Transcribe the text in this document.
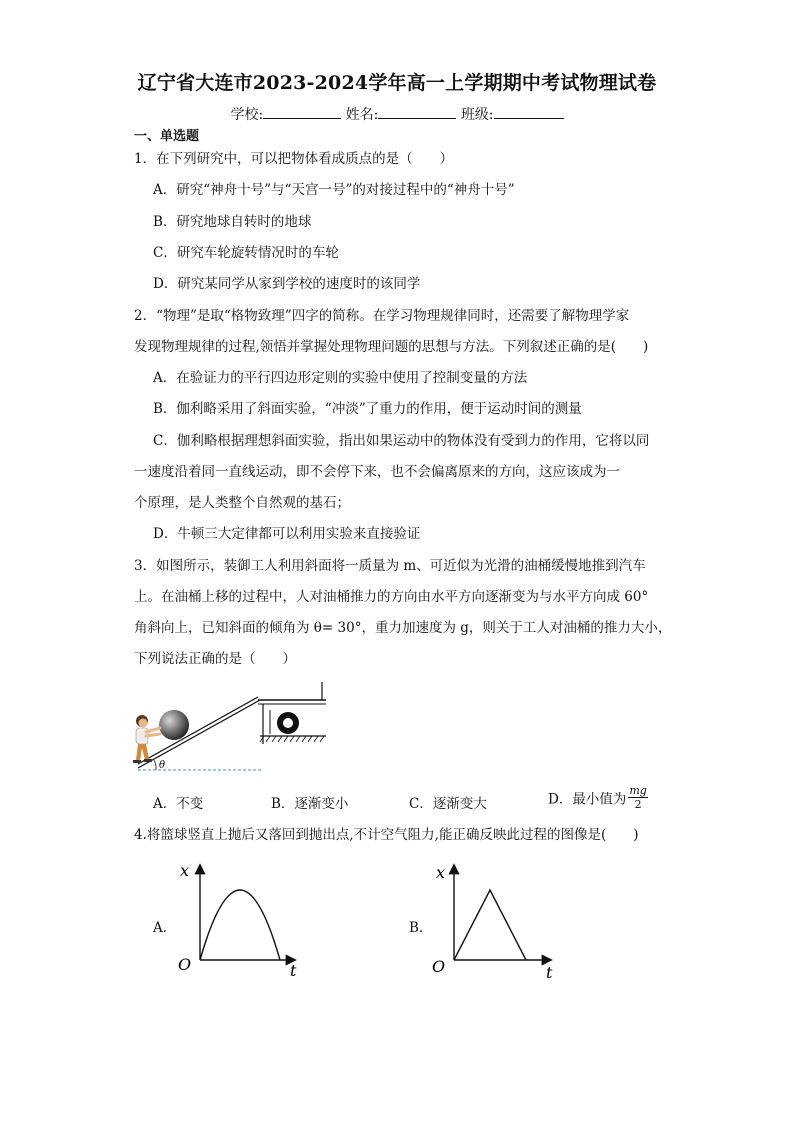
辽宁省大连市2023-2024学年高一上学期期中考试物理试卷
学校:	姓名:	班级:
一、单选题
1．在下列研究中，可以把物体看成质点的是（　　）
A．研究“神舟十号”与“天宫一号”的对接过程中的“神舟十号”
B．研究地球自转时的地球
C．研究车轮旋转情况时的车轮
D．研究某同学从家到学校的速度时的该同学
2．“物理”是取“格物致理”四字的简称。在学习物理规律同时，还需要了解物理学家
发现物理规律的过程,领悟并掌握处理物理问题的思想与方法。下列叙述正确的是(　　)
A．在验证力的平行四边形定则的实验中使用了控制变量的方法
B．伽利略采用了斜面实验，“冲淡”了重力的作用，便于运动时间的测量
C．伽利略根据理想斜面实验，指出如果运动中的物体没有受到力的作用，它将以同
一速度沿着同一直线运动，即不会停下来，也不会偏离原来的方向，这应该成为一
个原理，是人类整个自然观的基石；
D．牛顿三大定律都可以利用实验来直接验证
3．如图所示，装御工人利用斜面将一质量为 m、可近似为光滑的油桶缓慢地推到汽车
上。在油桶上移的过程中，人对油桶推力的方向由水平方向逐渐变为与水平方向成 60°
角斜向上，已知斜面的倾角为 θ= 30°，重力加速度为 g，则关于工人对油桶的推力大小，
下列说法正确的是（　　）
θ
A．不变	B．逐渐变小	C．逐渐变大	D．最小值为 $\frac{mg}{2}$
4.将篮球竖直上抛后又落回到抛出点,不计空气阻力,能正确反映此过程的图像是(　　)
A．
x
t
O
B．
x
t
O
